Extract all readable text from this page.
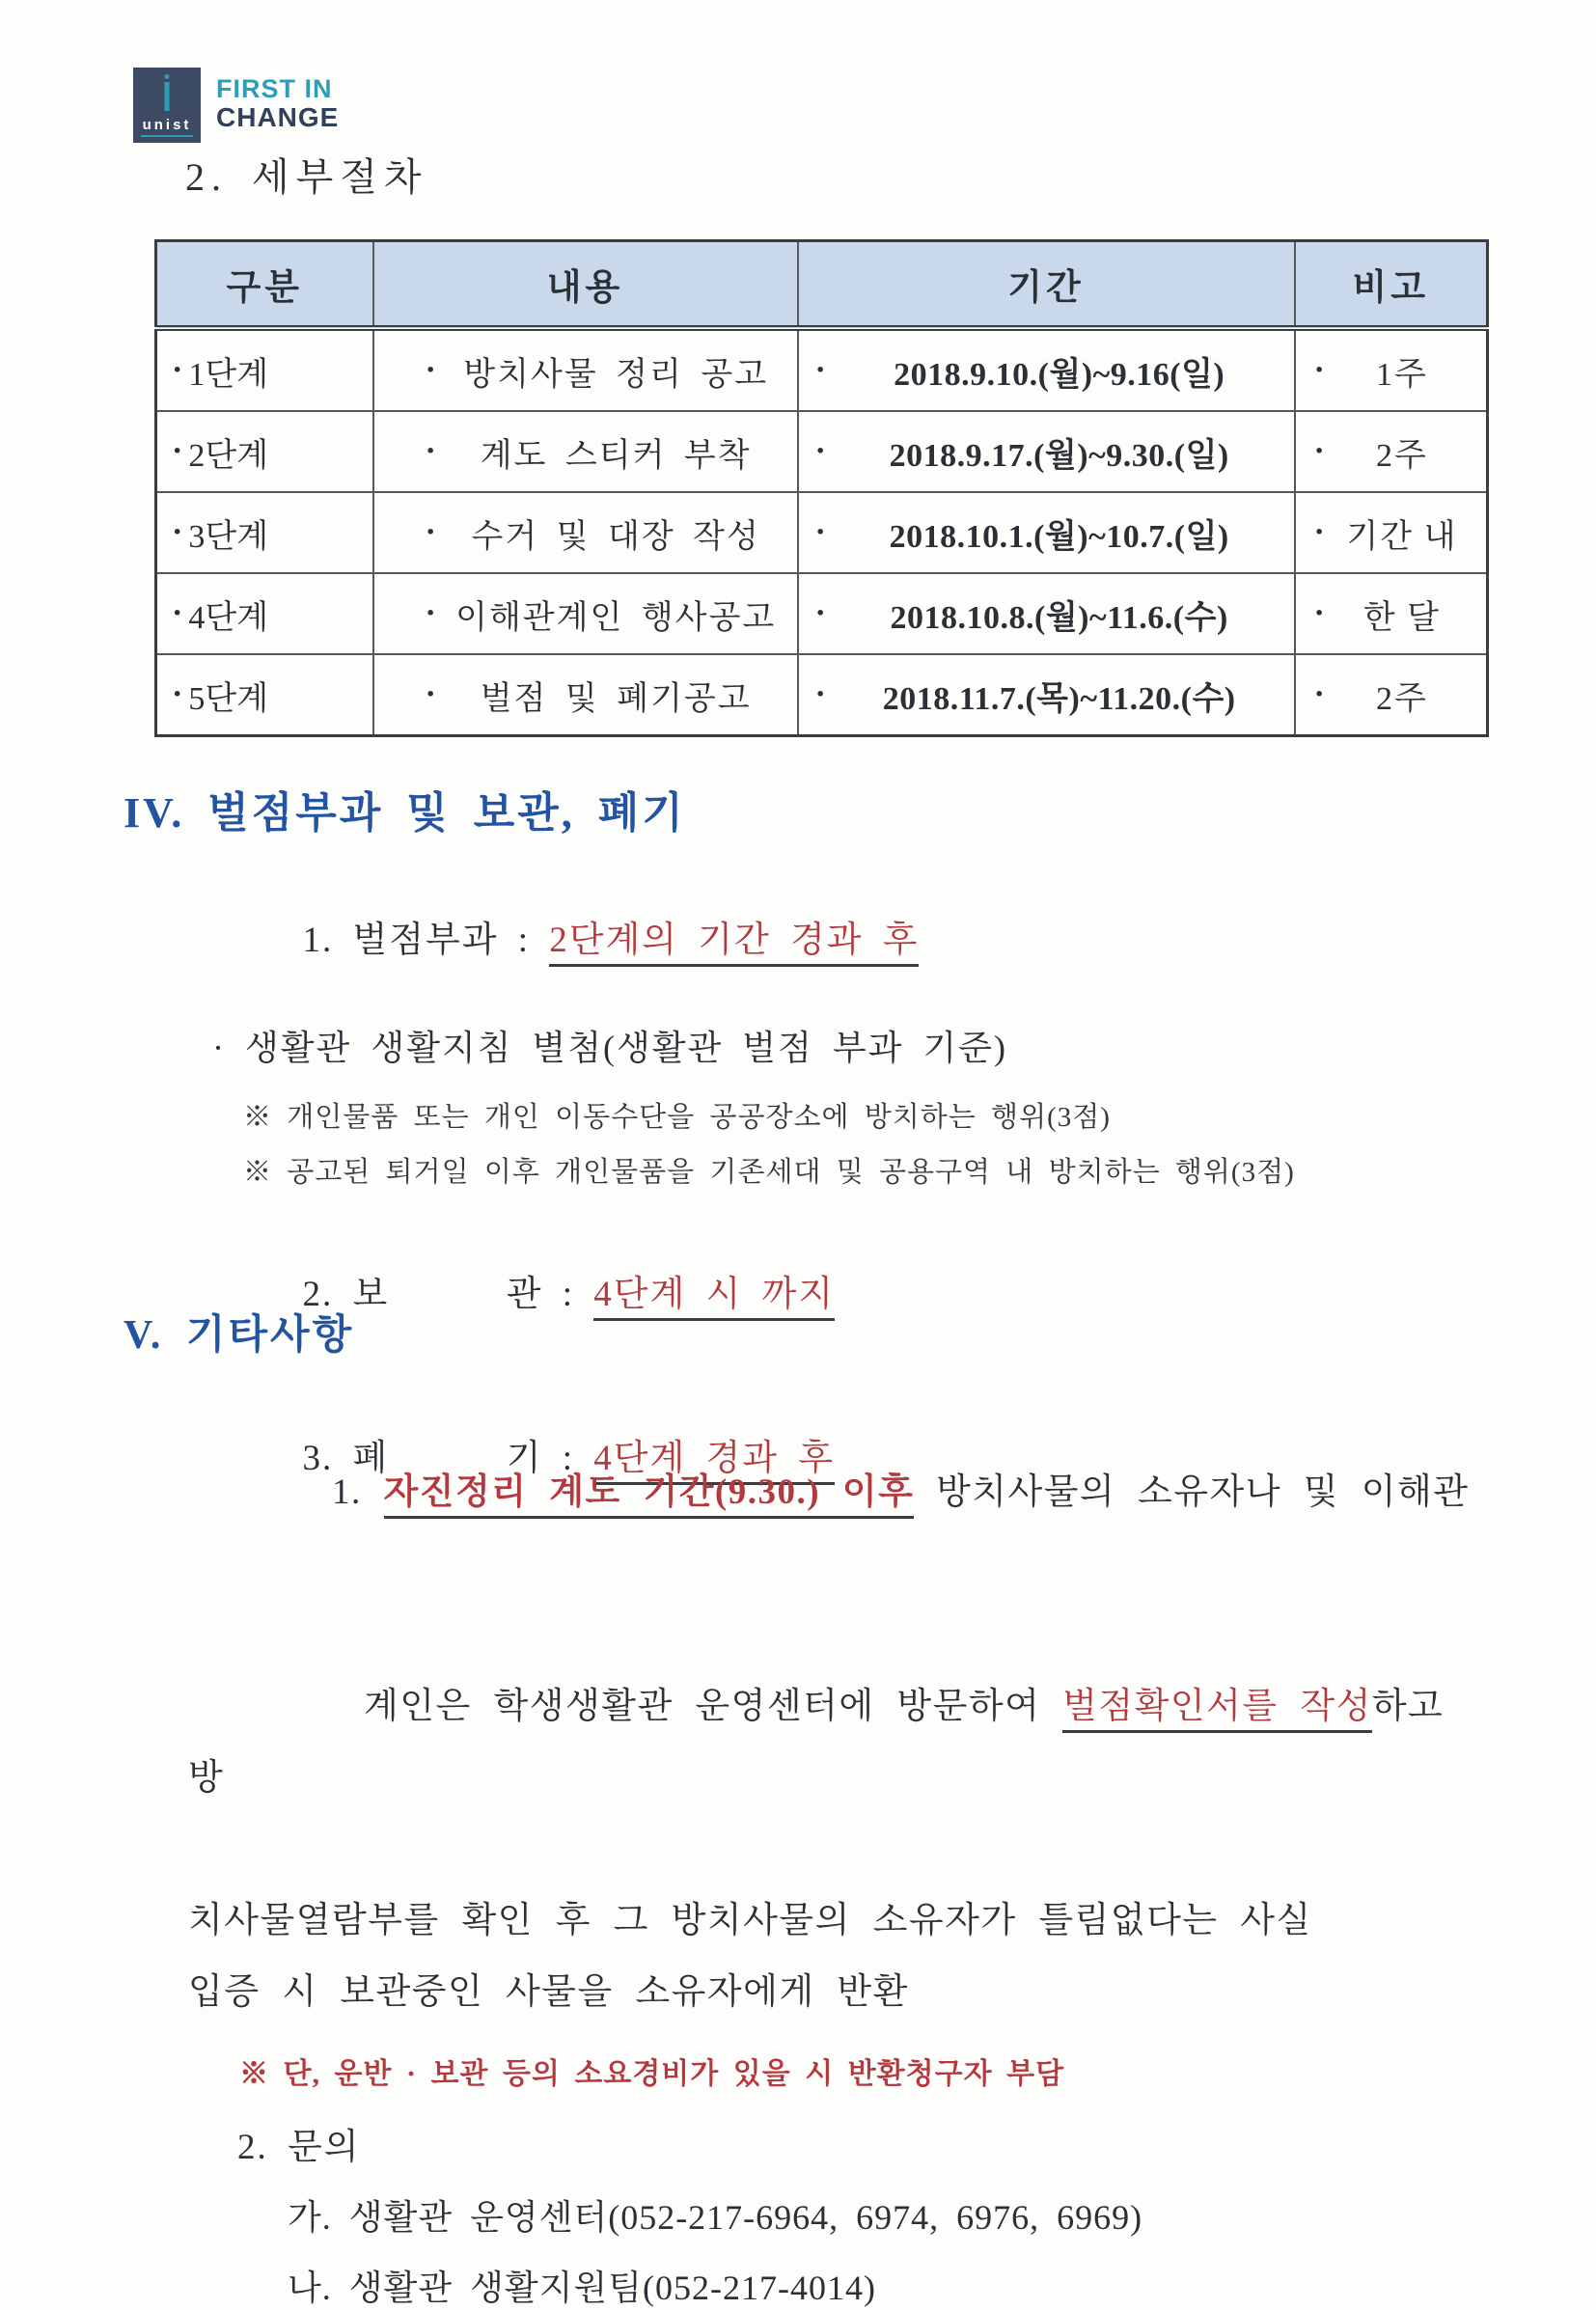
unist
FIRST IN
CHANGE
2. 세부절차
구분	내용	기간	비고

· 1단계	· 방치사물 정리 공고	· 2018.9.10.(월)~9.16(일)	· 1주

· 2단계	· 계도 스티커 부착	· 2018.9.17.(월)~9.30.(일)	· 2주

· 3단계	· 수거 및 대장 작성	· 2018.10.1.(월)~10.7.(일)	· 기간 내

· 4단계	· 이해관계인 행사공고	· 2018.10.8.(월)~11.6.(수)	· 한 달

· 5단계	· 벌점 및 폐기공고	· 2018.11.7.(목)~11.20.(수)	· 2주
IV. 벌점부과 및 보관, 폐기

1. 벌점부과 : 2단계의 기간 경과 후

· 생활관 생활지침 별첨(생활관 벌점 부과 기준)
※ 개인물품 또는 개인 이동수단을 공공장소에 방치하는 행위(3점)
※ 공고된 퇴거일 이후 개인물품을 기존세대 및 공용구역 내 방치하는 행위(3점)

2. 보      관 : 4단계 시 까지

3. 폐      기 : 4단계 경과 후

V. 기타사항

1. 자진정리 계도 기간(9.30.) 이후 방치사물의 소유자나 및 이해관

계인은 학생생활관 운영센터에 방문하여 벌점확인서를 작성하고 방

치사물열람부를 확인 후 그 방치사물의 소유자가 틀림없다는 사실
입증 시 보관중인 사물을 소유자에게 반환
※ 단, 운반 · 보관 등의 소요경비가 있을 시 반환청구자 부담
2. 문의
가. 생활관 운영센터(052-217-6964, 6974, 6976, 6969)
나. 생활관 생활지원팀(052-217-4014)
